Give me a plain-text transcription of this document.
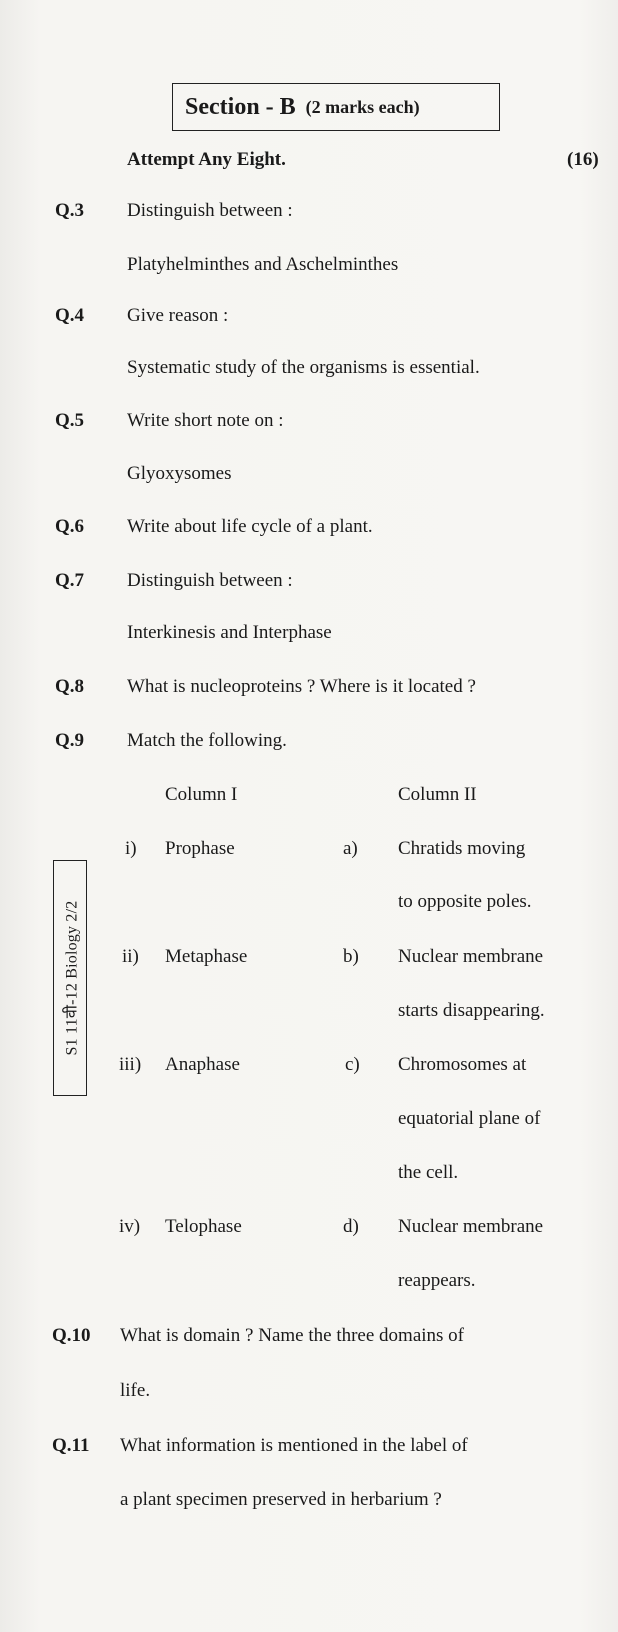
Section - B (2 marks each)
Attempt Any Eight.	(16)
Q.3 Distinguish between :
Platyhelminthes and Aschelminthes
Q.4 Give reason :
Systematic study of the organisms is essential.
Q.5 Write short note on :
Glyoxysomes
Q.6 Write about life cycle of a plant.
Q.7 Distinguish between :
Interkinesis and Interphase
Q.8 What is nucleoproteins ? Where is it located ?
Q.9 Match the following.
Column I	Column II
i) Prophase	a) Chratids moving
to opposite poles.
ii) Metaphase	b) Nuclear membrane
starts disappearing.
iii) Anaphase	c) Chromosomes at
equatorial plane of
the cell.
iv) Telophase	d) Nuclear membrane
reappears.
S1 11वी-12 Biology 2/2
Q.10 What is domain ? Name the three domains of
life.
Q.11 What information is mentioned in the label of
a plant specimen preserved in herbarium ?
